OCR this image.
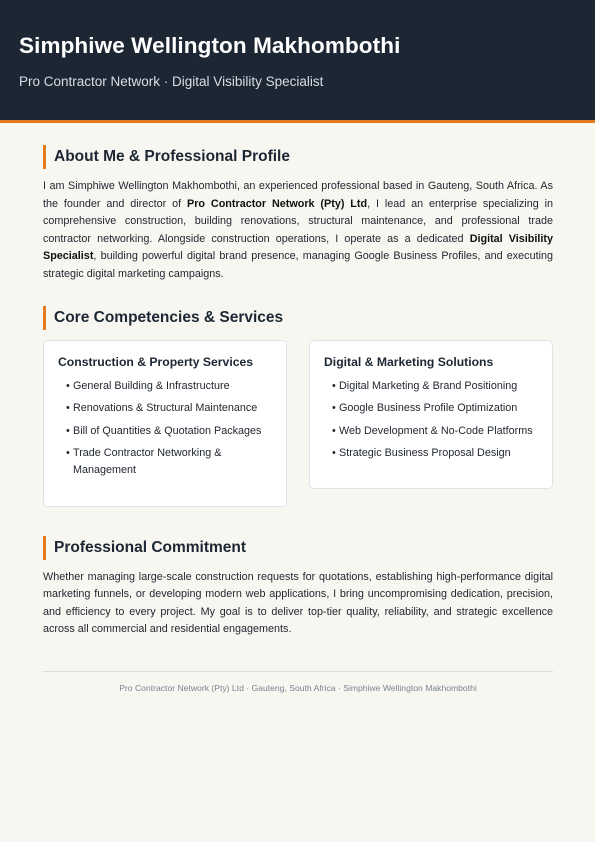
Simphiwe Wellington Makhombothi
Pro Contractor Network · Digital Visibility Specialist
About Me & Professional Profile

I am Simphiwe Wellington Makhombothi, an experienced professional based in Gauteng, South Africa. As the founder and director of Pro Contractor Network (Pty) Ltd, I lead an enterprise specializing in comprehensive construction, building renovations, structural maintenance, and professional trade contractor networking. Alongside construction operations, I operate as a dedicated Digital Visibility Specialist, building powerful digital brand presence, managing Google Business Profiles, and executing strategic digital marketing campaigns.

Core Competencies & Services
Construction & Property Services
• General Building & Infrastructure
• Renovations & Structural Maintenance
• Bill of Quantities & Quotation Packages
• Trade Contractor Networking & Management
Digital & Marketing Solutions
• Digital Marketing & Brand Positioning
• Google Business Profile Optimization
• Web Development & No-Code Platforms
• Strategic Business Proposal Design
Professional Commitment

Whether managing large-scale construction requests for quotations, establishing high-performance digital marketing funnels, or developing modern web applications, I bring uncompromising dedication, precision, and efficiency to every project. My goal is to deliver top-tier quality, reliability, and strategic excellence across all commercial and residential engagements.

Pro Contractor Network (Pty) Ltd · Gauteng, South Africa · Simphiwe Wellington Makhombothi
